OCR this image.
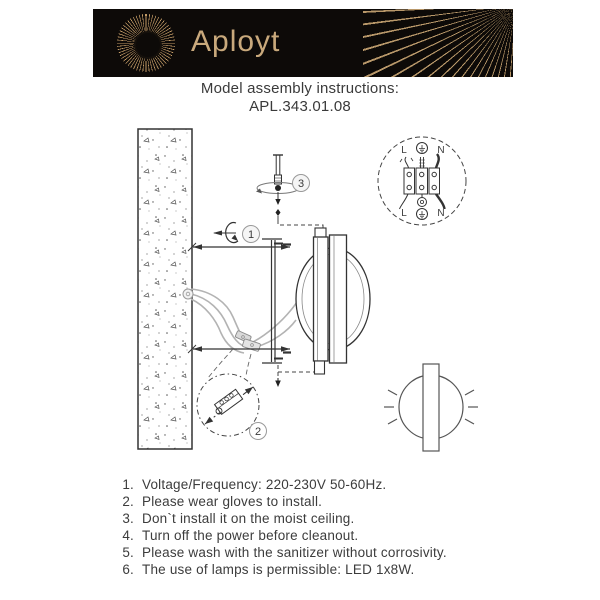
Aployt
Model assembly instructions:
APL.343.01.08
1
3
2
L	N
L	N
1. Voltage/Frequency: 220-230V 50-60Hz.
2. Please wear gloves to install.
3. Don`t install it on the moist ceiling.
4. Turn off the power before cleanout.
5. Please wash with the sanitizer without corrosivity.
6. The use of lamps is permissible: LED 1x8W.
